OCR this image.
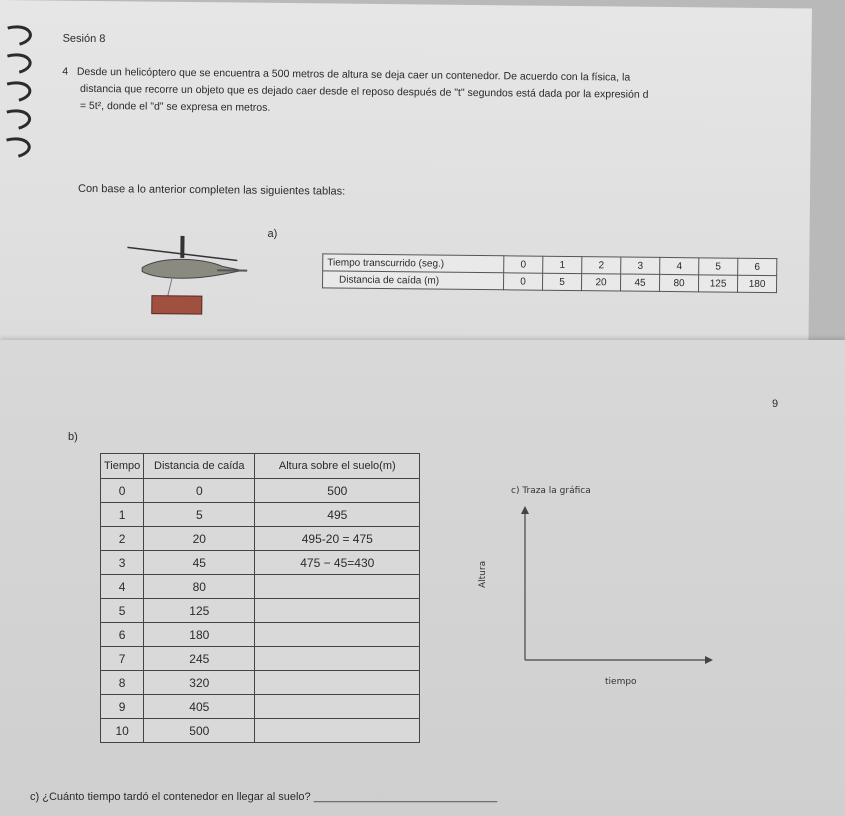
Sesión 8
4 Desde un helicóptero que se encuentra a 500 metros de altura se deja caer un contenedor. De acuerdo con la física, la
distancia que recorre un objeto que es dejado caer desde el reposo después de "t" segundos está dada por la expresión d
= 5t², donde el "d" se expresa en metros.
Con base a lo anterior completen las siguientes tablas:
a)
Tiempo transcurrido (seg.)	0	1	2	3	4	5	6
Distancia de caída (m)	0	5	20	45	80	125	180
9
b)
c) Traza la gráfica
Altura
tiempo
c) ¿Cuánto tiempo tardó el contenedor en llegar al suelo? ______________________________
Tiempo	Distancia de caída	Altura sobre el suelo(m)
0	0	500
1	5	495
2	20	495-20 = 475
3	45	475 − 45=430
4	80	
5	125	
6	180	
7	245	
8	320	
9	405	
10	500	
